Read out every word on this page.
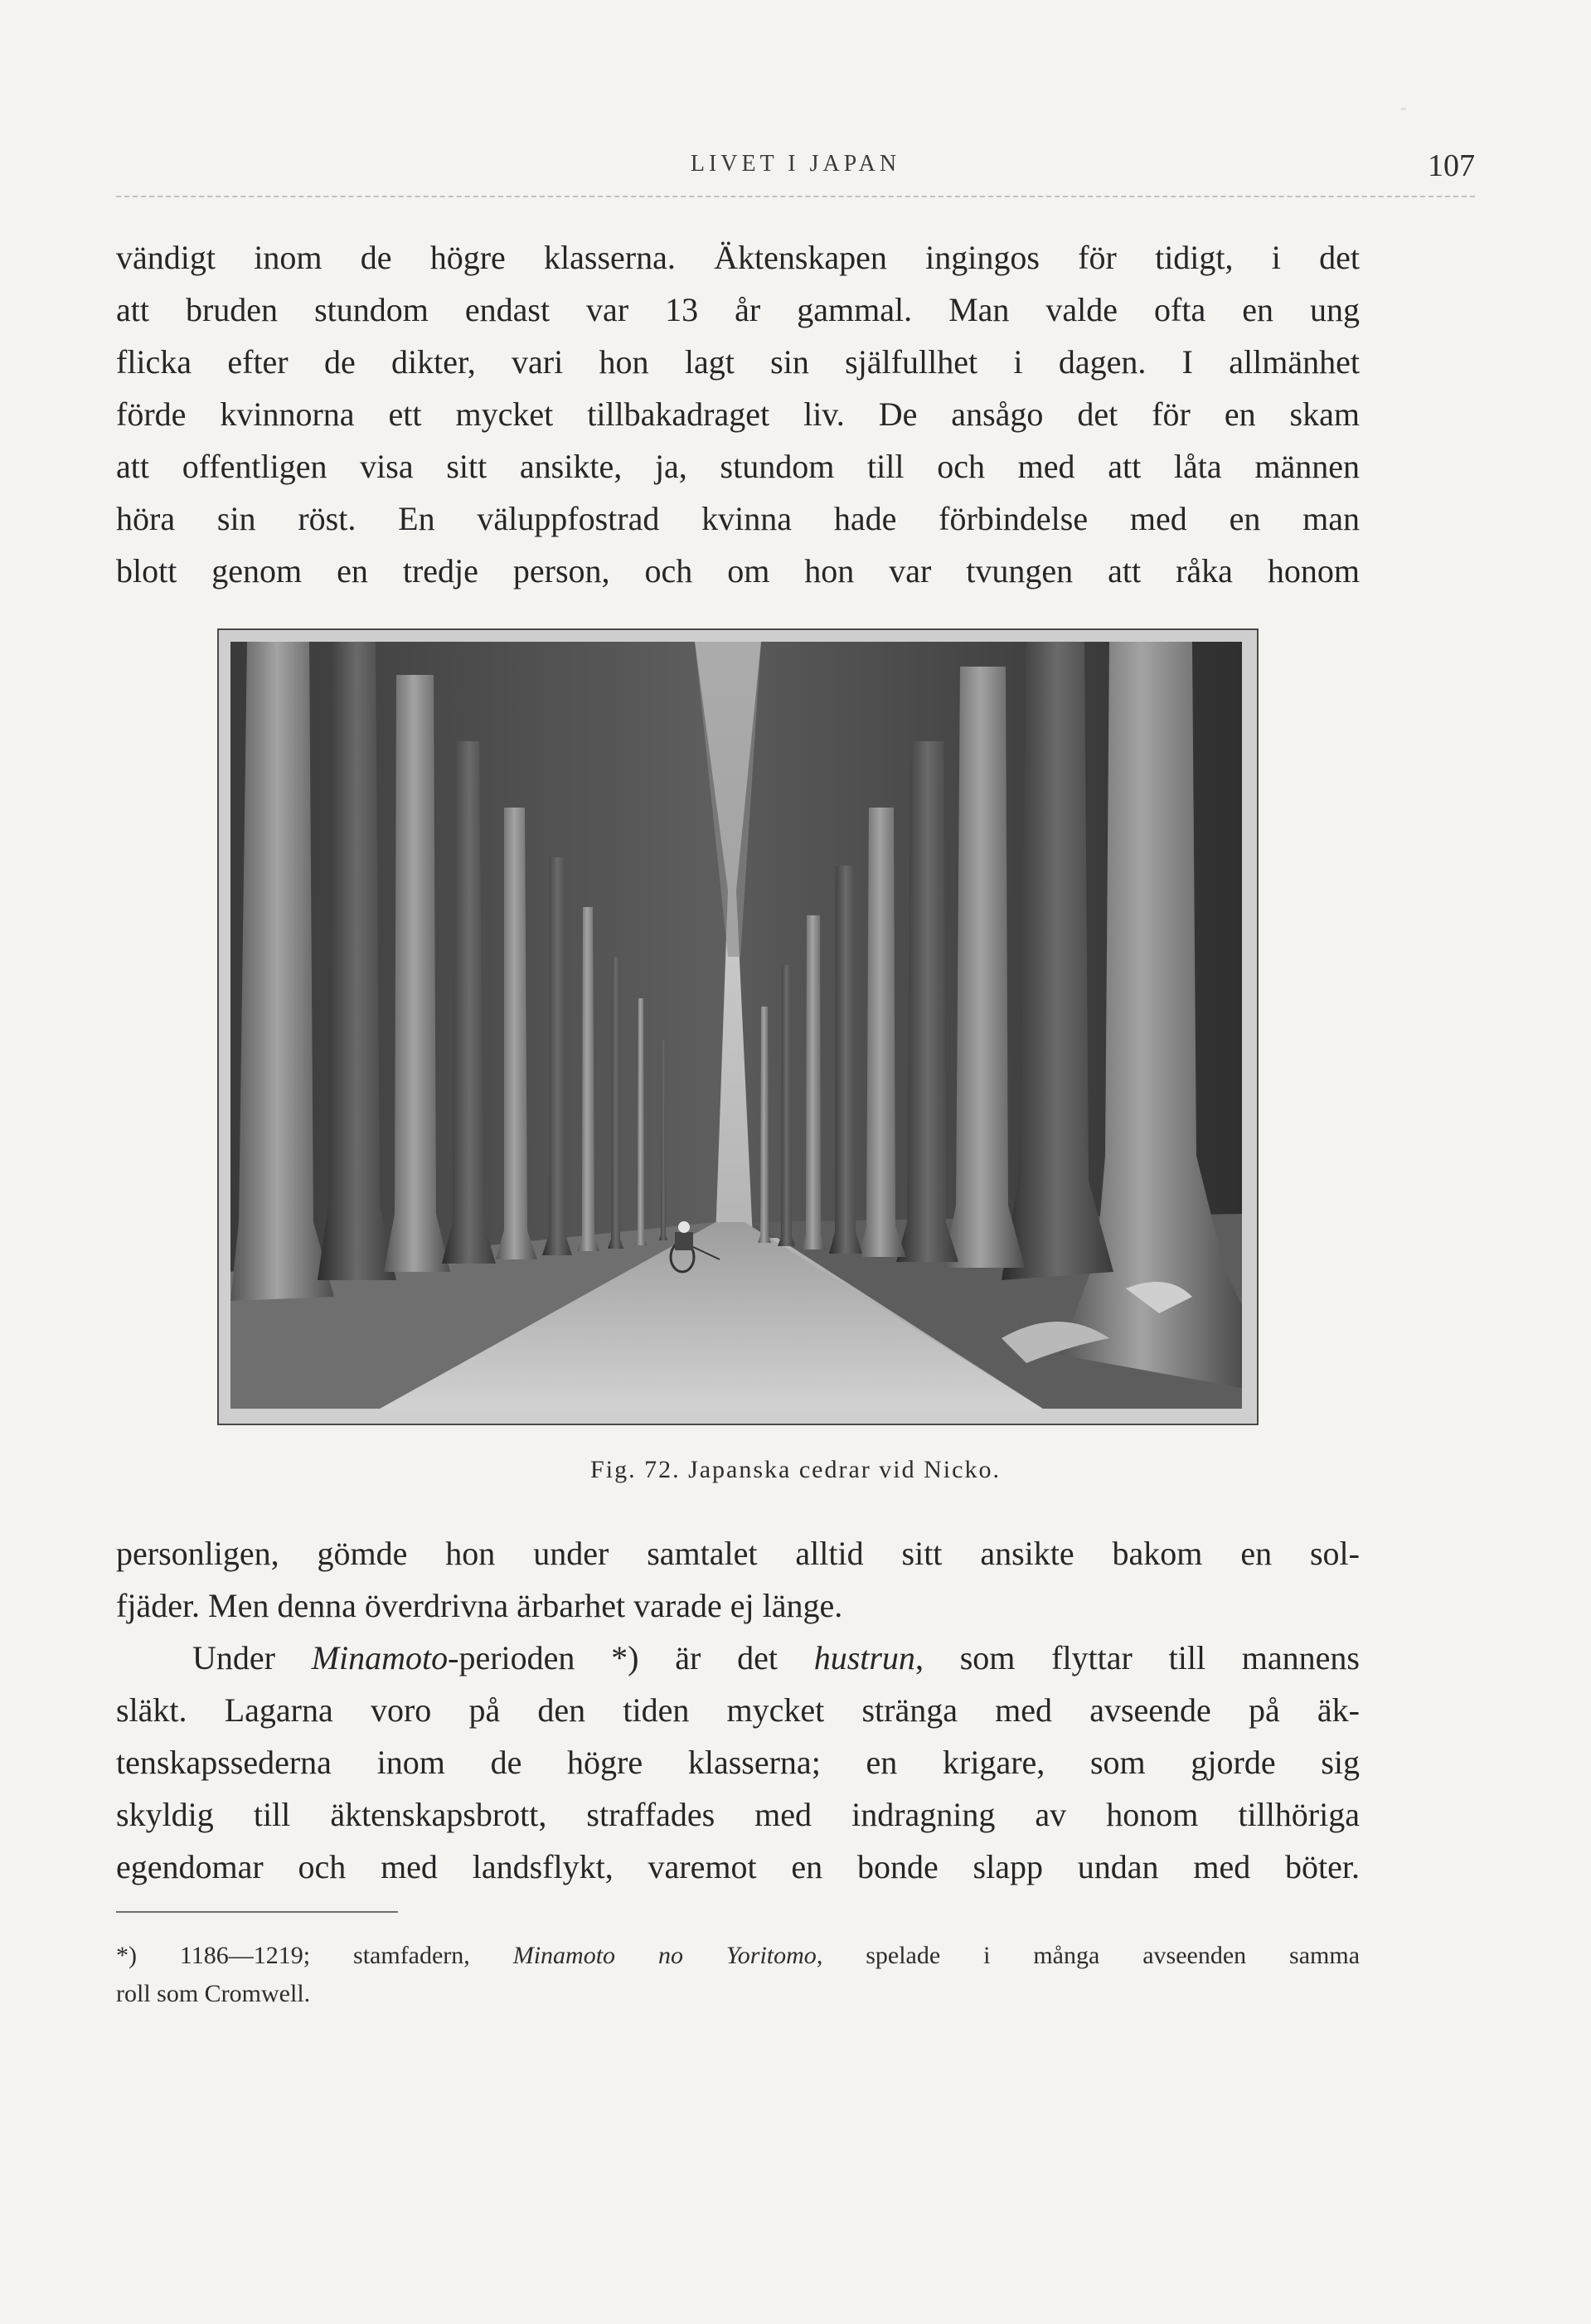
LIVET I JAPAN	107
vändigt inom de högre klasserna. Äktenskapen ingingos för tidigt, i det
att bruden stundom endast var 13 år gammal. Man valde ofta en ung
flicka efter de dikter, vari hon lagt sin själfullhet i dagen. I allmänhet
förde kvinnorna ett mycket tillbakadraget liv. De ansågo det för en skam
att offentligen visa sitt ansikte, ja, stundom till och med att låta männen
höra sin röst. En väluppfostrad kvinna hade förbindelse med en man
blott genom en tredje person, och om hon var tvungen att råka honom
Fig. 72. Japanska cedrar vid Nicko.
personligen, gömde hon under samtalet alltid sitt ansikte bakom en sol-
fjäder. Men denna överdrivna ärbarhet varade ej länge.
Under Minamoto-perioden *) är det hustrun, som flyttar till mannens
släkt. Lagarna voro på den tiden mycket stränga med avseende på äk-
tenskapssederna inom de högre klasserna; en krigare, som gjorde sig
skyldig till äktenskapsbrott, straffades med indragning av honom tillhöriga
egendomar och med landsflykt, varemot en bonde slapp undan med böter.
*) 1186—1219; stamfadern, Minamoto no Yoritomo, spelade i många avseenden samma
roll som Cromwell.
